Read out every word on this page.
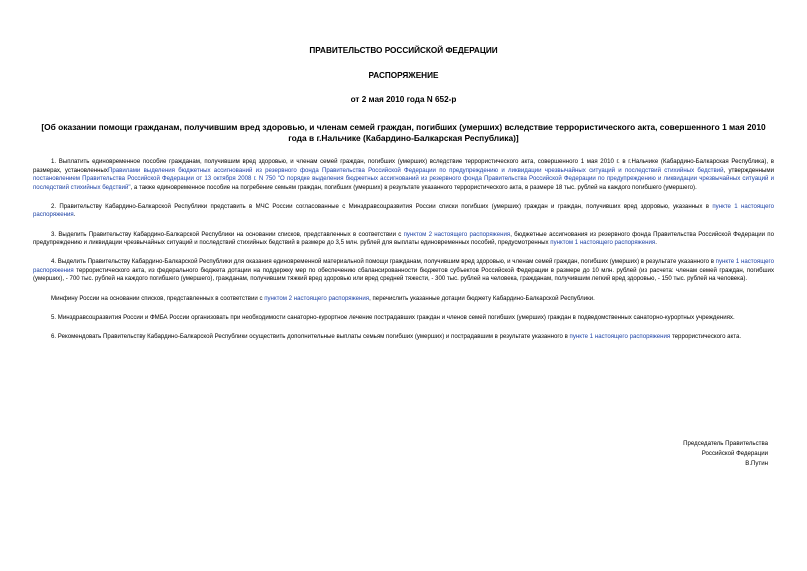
ПРАВИТЕЛЬСТВО РОССИЙСКОЙ ФЕДЕРАЦИИ
РАСПОРЯЖЕНИЕ
от 2 мая 2010 года N 652-р
[Об оказании помощи гражданам, получившим вред здоровью, и членам семей граждан, погибших (умерших) вследствие террористического акта, совершенного 1 мая 2010 года в г.Нальчике (Кабардино-Балкарская Республика)]

1. Выплатить единовременное пособие гражданам, получившим вред здоровью, и членам семей граждан, погибших (умерших) вследствие террористического акта, совершенного 1 мая 2010 г. в г.Нальчике (Кабардино-Балкарская Республика), в размерах, установленныхПравилами выделения бюджетных ассигнований из резервного фонда Правительства Российской Федерации по предупреждению и ликвидации чрезвычайных ситуаций и последствий стихийных бедствий, утвержденными постановлением Правительства Российской Федерации от 13 октября 2008 г. N 750 "О порядке выделения бюджетных ассигнований из резервного фонда Правительства Российской Федерации по предупреждению и ликвидации чрезвычайных ситуаций и последствий стихийных бедствий", а также единовременное пособие на погребение семьям граждан, погибших (умерших) в результате указанного террористического акта, в размере 18 тыс. рублей на каждого погибшего (умершего).

2. Правительству Кабардино-Балкарской Республики представить в МЧС России согласованные с Минздравсоцразвития России списки погибших (умерших) граждан и граждан, получивших вред здоровью, указанных в пункте 1 настоящего распоряжения.

3. Выделить Правительству Кабардино-Балкарской Республики на основании списков, представленных в соответствии с пунктом 2 настоящего распоряжения, бюджетные ассигнования из резервного фонда Правительства Российской Федерации по предупреждению и ликвидации чрезвычайных ситуаций и последствий стихийных бедствий в размере до 3,5 млн. рублей для выплаты единовременных пособий, предусмотренных пунктом 1 настоящего распоряжения.

4. Выделить Правительству Кабардино-Балкарской Республики для оказания единовременной материальной помощи гражданам, получившим вред здоровью, и членам семей граждан, погибших (умерших) в результате указанного в пункте 1 настоящего распоряжения террористического акта, из федерального бюджета дотации на поддержку мер по обеспечению сбалансированности бюджетов субъектов Российской Федерации в размере до 10 млн. рублей (из расчета: членам семей граждан, погибших (умерших), - 700 тыс. рублей на каждого погибшего (умершего), гражданам, получившим тяжкий вред здоровью или вред средней тяжести, - 300 тыс. рублей на человека, гражданам, получившим легкий вред здоровью, - 150 тыс. рублей на человека).

Минфину России на основании списков, представленных в соответствии с пунктом 2 настоящего распоряжения, перечислить указанные дотации бюджету Кабардино-Балкарской Республики.

5. Минздравсоцразвития России и ФМБА России организовать при необходимости санаторно-курортное лечение пострадавших граждан и членов семей погибших (умерших) граждан в подведомственных санаторно-курортных учреждениях.

6. Рекомендовать Правительству Кабардино-Балкарской Республики осуществить дополнительные выплаты семьям погибших (умерших) и пострадавшим в результате указанного в пункте 1 настоящего распоряжения террористического акта.

Председатель Правительства
Российской Федерации
В.Путин
